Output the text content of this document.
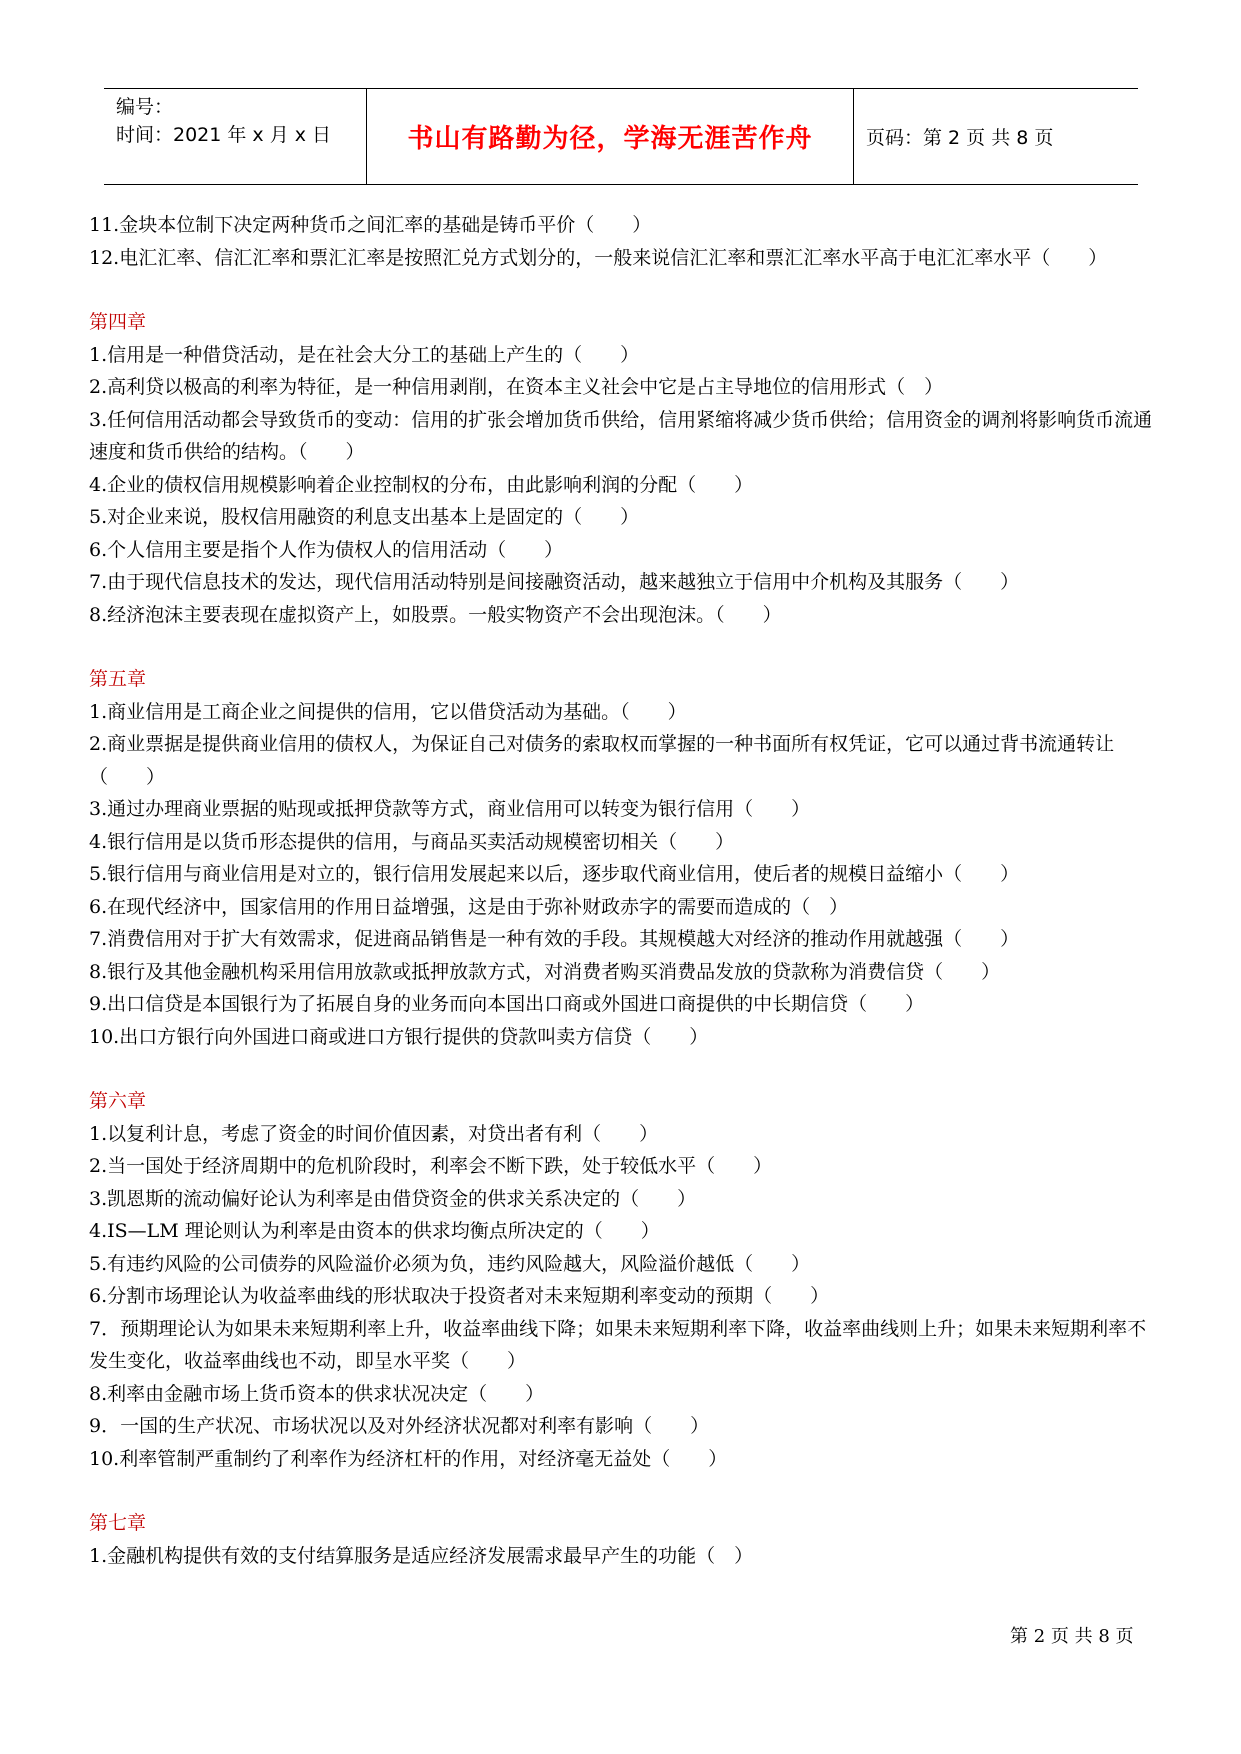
编号：
时间：2021 年 x 月 x 日	书山有路勤为径，学海无涯苦作舟	页码：第 2 页 共 8 页

11.金块本位制下决定两种货币之间汇率的基础是铸币平价（　　）

12.电汇汇率、信汇汇率和票汇汇率是按照汇兑方式划分的，一般来说信汇汇率和票汇汇率水平高于电汇汇率水平（　　）

第四章

1.信用是一种借贷活动，是在社会大分工的基础上产生的（　　）

2.高利贷以极高的利率为特征，是一种信用剥削，在资本主义社会中它是占主导地位的信用形式（　）

3.任何信用活动都会导致货币的变动：信用的扩张会增加货币供给，信用紧缩将减少货币供给；信用资金的调剂将影响货币流通速度和货币供给的结构。（　　）

4.企业的债权信用规模影响着企业控制权的分布，由此影响利润的分配（　　）

5.对企业来说，股权信用融资的利息支出基本上是固定的（　　）

6.个人信用主要是指个人作为债权人的信用活动（　　）

7.由于现代信息技术的发达，现代信用活动特别是间接融资活动，越来越独立于信用中介机构及其服务（　　）

8.经济泡沫主要表现在虚拟资产上，如股票。一般实物资产不会出现泡沫。（　　）

第五章

1.商业信用是工商企业之间提供的信用，它以借贷活动为基础。（　　）

2.商业票据是提供商业信用的债权人，为保证自己对债务的索取权而掌握的一种书面所有权凭证，它可以通过背书流通转让（　　）

3.通过办理商业票据的贴现或抵押贷款等方式，商业信用可以转变为银行信用（　　）

4.银行信用是以货币形态提供的信用，与商品买卖活动规模密切相关（　　）

5.银行信用与商业信用是对立的，银行信用发展起来以后，逐步取代商业信用，使后者的规模日益缩小（　　）

6.在现代经济中，国家信用的作用日益增强，这是由于弥补财政赤字的需要而造成的（　）

7.消费信用对于扩大有效需求，促进商品销售是一种有效的手段。其规模越大对经济的推动作用就越强（　　）

8.银行及其他金融机构采用信用放款或抵押放款方式，对消费者购买消费品发放的贷款称为消费信贷（　　）

9.出口信贷是本国银行为了拓展自身的业务而向本国出口商或外国进口商提供的中长期信贷（　　）

10.出口方银行向外国进口商或进口方银行提供的贷款叫卖方信贷（　　）

第六章

1.以复利计息，考虑了资金的时间价值因素，对贷出者有利（　　）

2.当一国处于经济周期中的危机阶段时，利率会不断下跌，处于较低水平（　　）

3.凯恩斯的流动偏好论认为利率是由借贷资金的供求关系决定的（　　）

4.IS—LM 理论则认为利率是由资本的供求均衡点所决定的（　　）

5.有违约风险的公司债券的风险溢价必须为负，违约风险越大，风险溢价越低（　　）

6.分割市场理论认为收益率曲线的形状取决于投资者对未来短期利率变动的预期（　　）

7．预期理论认为如果未来短期利率上升，收益率曲线下降；如果未来短期利率下降，收益率曲线则上升；如果未来短期利率不发生变化，收益率曲线也不动，即呈水平奖（　　）

8.利率由金融市场上货币资本的供求状况决定（　　）

9．一国的生产状况、市场状况以及对外经济状况都对利率有影响（　　）

10.利率管制严重制约了利率作为经济杠杆的作用，对经济毫无益处（　　）

第七章

1.金融机构提供有效的支付结算服务是适应经济发展需求最早产生的功能（　）

第 2 页 共 8 页
